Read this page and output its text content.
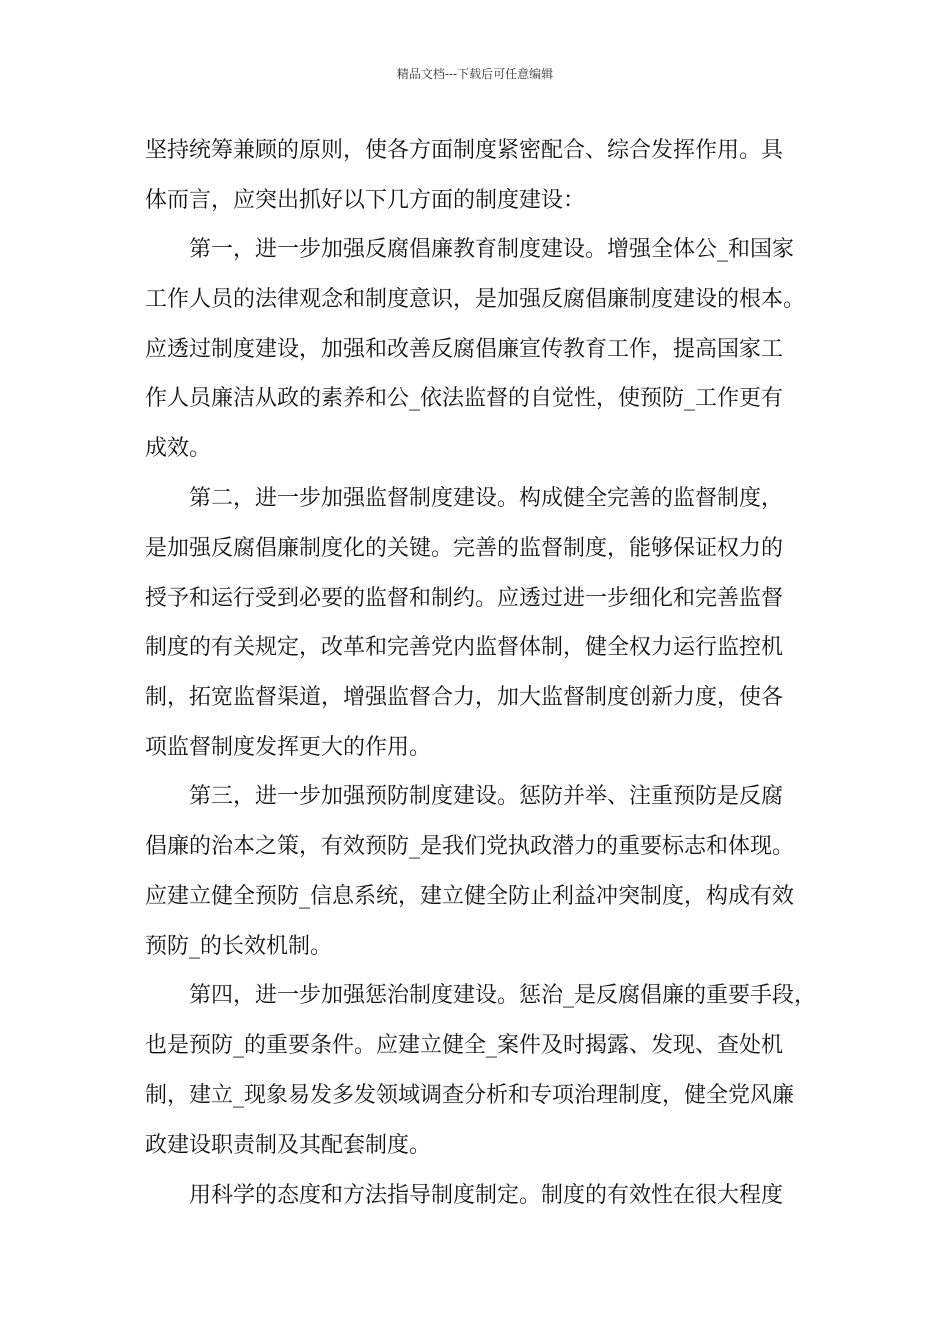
精品文档---下载后可任意编辑
坚持统筹兼顾的原则，使各方面制度紧密配合、综合发挥作用。具
体而言，应突出抓好以下几方面的制度建设：
第一，进一步加强反腐倡廉教育制度建设。增强全体公_和国家
工作人员的法律观念和制度意识，是加强反腐倡廉制度建设的根本。
应透过制度建设，加强和改善反腐倡廉宣传教育工作，提高国家工
作人员廉洁从政的素养和公_依法监督的自觉性，使预防_工作更有
成效。
第二，进一步加强监督制度建设。构成健全完善的监督制度，
是加强反腐倡廉制度化的关键。完善的监督制度，能够保证权力的
授予和运行受到必要的监督和制约。应透过进一步细化和完善监督
制度的有关规定，改革和完善党内监督体制，健全权力运行监控机
制，拓宽监督渠道，增强监督合力，加大监督制度创新力度，使各
项监督制度发挥更大的作用。
第三，进一步加强预防制度建设。惩防并举、注重预防是反腐
倡廉的治本之策，有效预防_是我们党执政潜力的重要标志和体现。
应建立健全预防_信息系统，建立健全防止利益冲突制度，构成有效
预防_的长效机制。
第四，进一步加强惩治制度建设。惩治_是反腐倡廉的重要手段，
也是预防_的重要条件。应建立健全_案件及时揭露、发现、查处机
制，建立_现象易发多发领域调查分析和专项治理制度，健全党风廉
政建设职责制及其配套制度。
用科学的态度和方法指导制度制定。制度的有效性在很大程度
